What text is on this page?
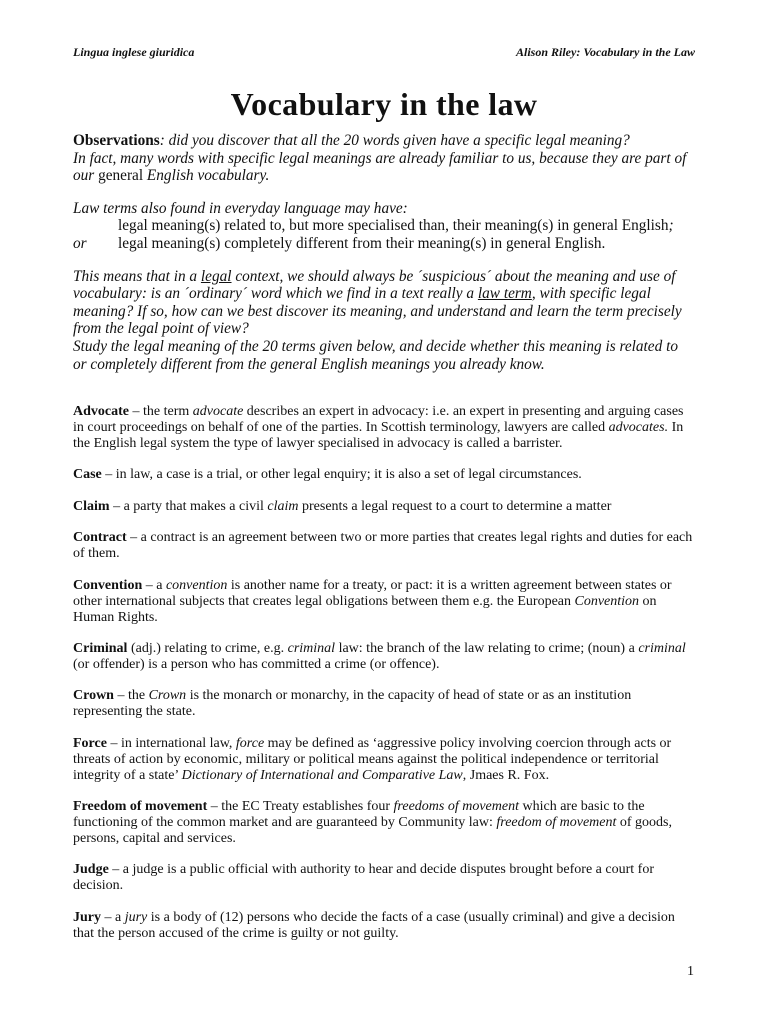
Lingua inglese giuridica	Alison Riley: Vocabulary in the Law
Vocabulary in the law

Observations: did you discover that all the 20 words given have a specific legal meaning?

In fact, many words with specific legal meanings are already familiar to us, because they are part of our general English vocabulary.

Law terms also found in everyday language may have:

legal meaning(s) related to, but more specialised than, their meaning(s) in general English;

or	legal meaning(s) completely different from their meaning(s) in general English.

This means that in a legal context, we should always be ´suspicious´ about the meaning and use of vocabulary: is an ´ordinary´ word which we find in a text really a law term, with specific legal meaning? If so, how can we best discover its meaning, and understand and learn the term precisely from the legal point of view?

Study the legal meaning of the 20 terms given below, and decide whether this meaning is related to or completely different from the general English meanings you already know.

Advocate – the term advocate describes an expert in advocacy: i.e. an expert in presenting and arguing cases in court proceedings on behalf of one of the parties. In Scottish terminology, lawyers are called advocates. In the English legal system the type of lawyer specialised in advocacy is called a barrister.

Case – in law, a case is a trial, or other legal enquiry; it is also a set of legal circumstances.

Claim – a party that makes a civil claim presents a legal request to a court to determine a matter

Contract – a contract is an agreement between two or more parties that creates legal rights and duties for each of them.

Convention – a convention is another name for a treaty, or pact: it is a written agreement between states or other international subjects that creates legal obligations between them e.g. the European Convention on Human Rights.

Criminal (adj.) relating to crime, e.g. criminal law: the branch of the law relating to crime; (noun) a criminal (or offender) is a person who has committed a crime (or offence).

Crown – the Crown is the monarch or monarchy, in the capacity of head of state or as an institution representing the state.

Force – in international law, force may be defined as ‘aggressive policy involving coercion through acts or threats of action by economic, military or political means against the political independence or territorial integrity of a state’ Dictionary of International and Comparative Law, Jmaes R. Fox.

Freedom of movement – the EC Treaty establishes four freedoms of movement which are basic to the functioning of the common market and are guaranteed by Community law: freedom of movement of goods, persons, capital and services.

Judge – a judge is a public official with authority to hear and decide disputes brought before a court for decision.

Jury – a jury is a body of (12) persons who decide the facts of a case (usually criminal) and give a decision that the person accused of the crime is guilty or not guilty.

1
